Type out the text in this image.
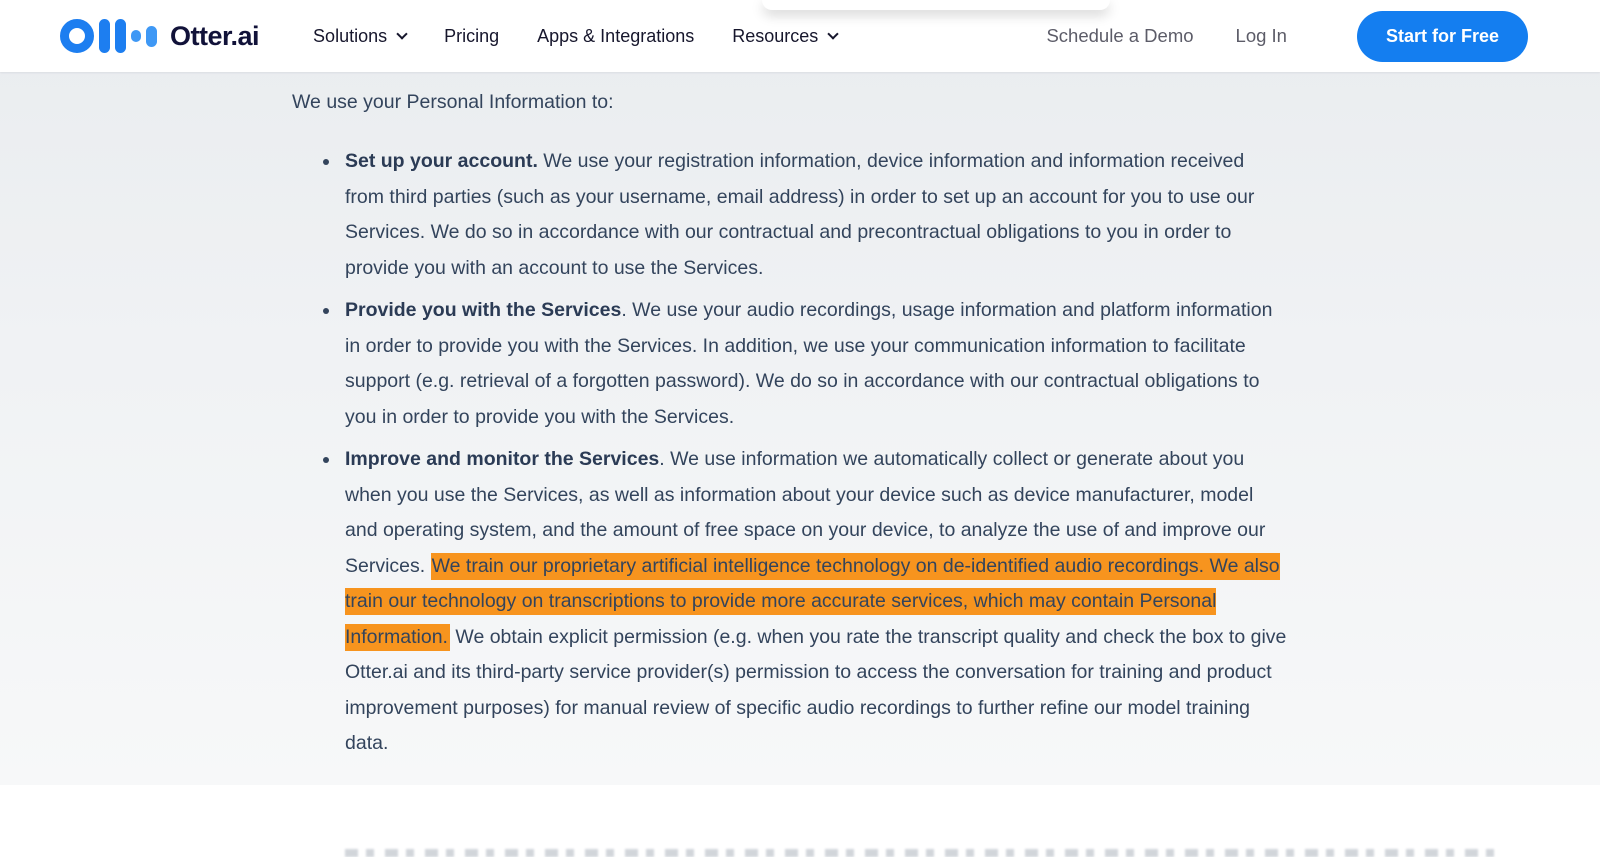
Otter.ai	Solutions	Pricing Apps & Integrations Resources	Schedule a Demo Log In	Start for Free

We use your Personal Information to:

Set up your account. We use your registration information, device information and information received from third parties (such as your username, email address) in order to set up an account for you to use our Services. We do so in accordance with our contractual and precontractual obligations to you in order to provide you with an account to use the Services.
Provide you with the Services. We use your audio recordings, usage information and platform information in order to provide you with the Services. In addition, we use your communication information to facilitate support (e.g. retrieval of a forgotten password). We do so in accordance with our contractual obligations to you in order to provide you with the Services.
Improve and monitor the Services. We use information we automatically collect or generate about you when you use the Services, as well as information about your device such as device manufacturer, model and operating system, and the amount of free space on your device, to analyze the use of and improve our Services. We train our proprietary artificial intelligence technology on de-identified audio recordings. We also train our technology on transcriptions to provide more accurate services, which may contain Personal Information. We obtain explicit permission (e.g. when you rate the transcript quality and check the box to give Otter.ai and its third-party service provider(s) permission to access the conversation for training and product improvement purposes) for manual review of specific audio recordings to further refine our model training data.
